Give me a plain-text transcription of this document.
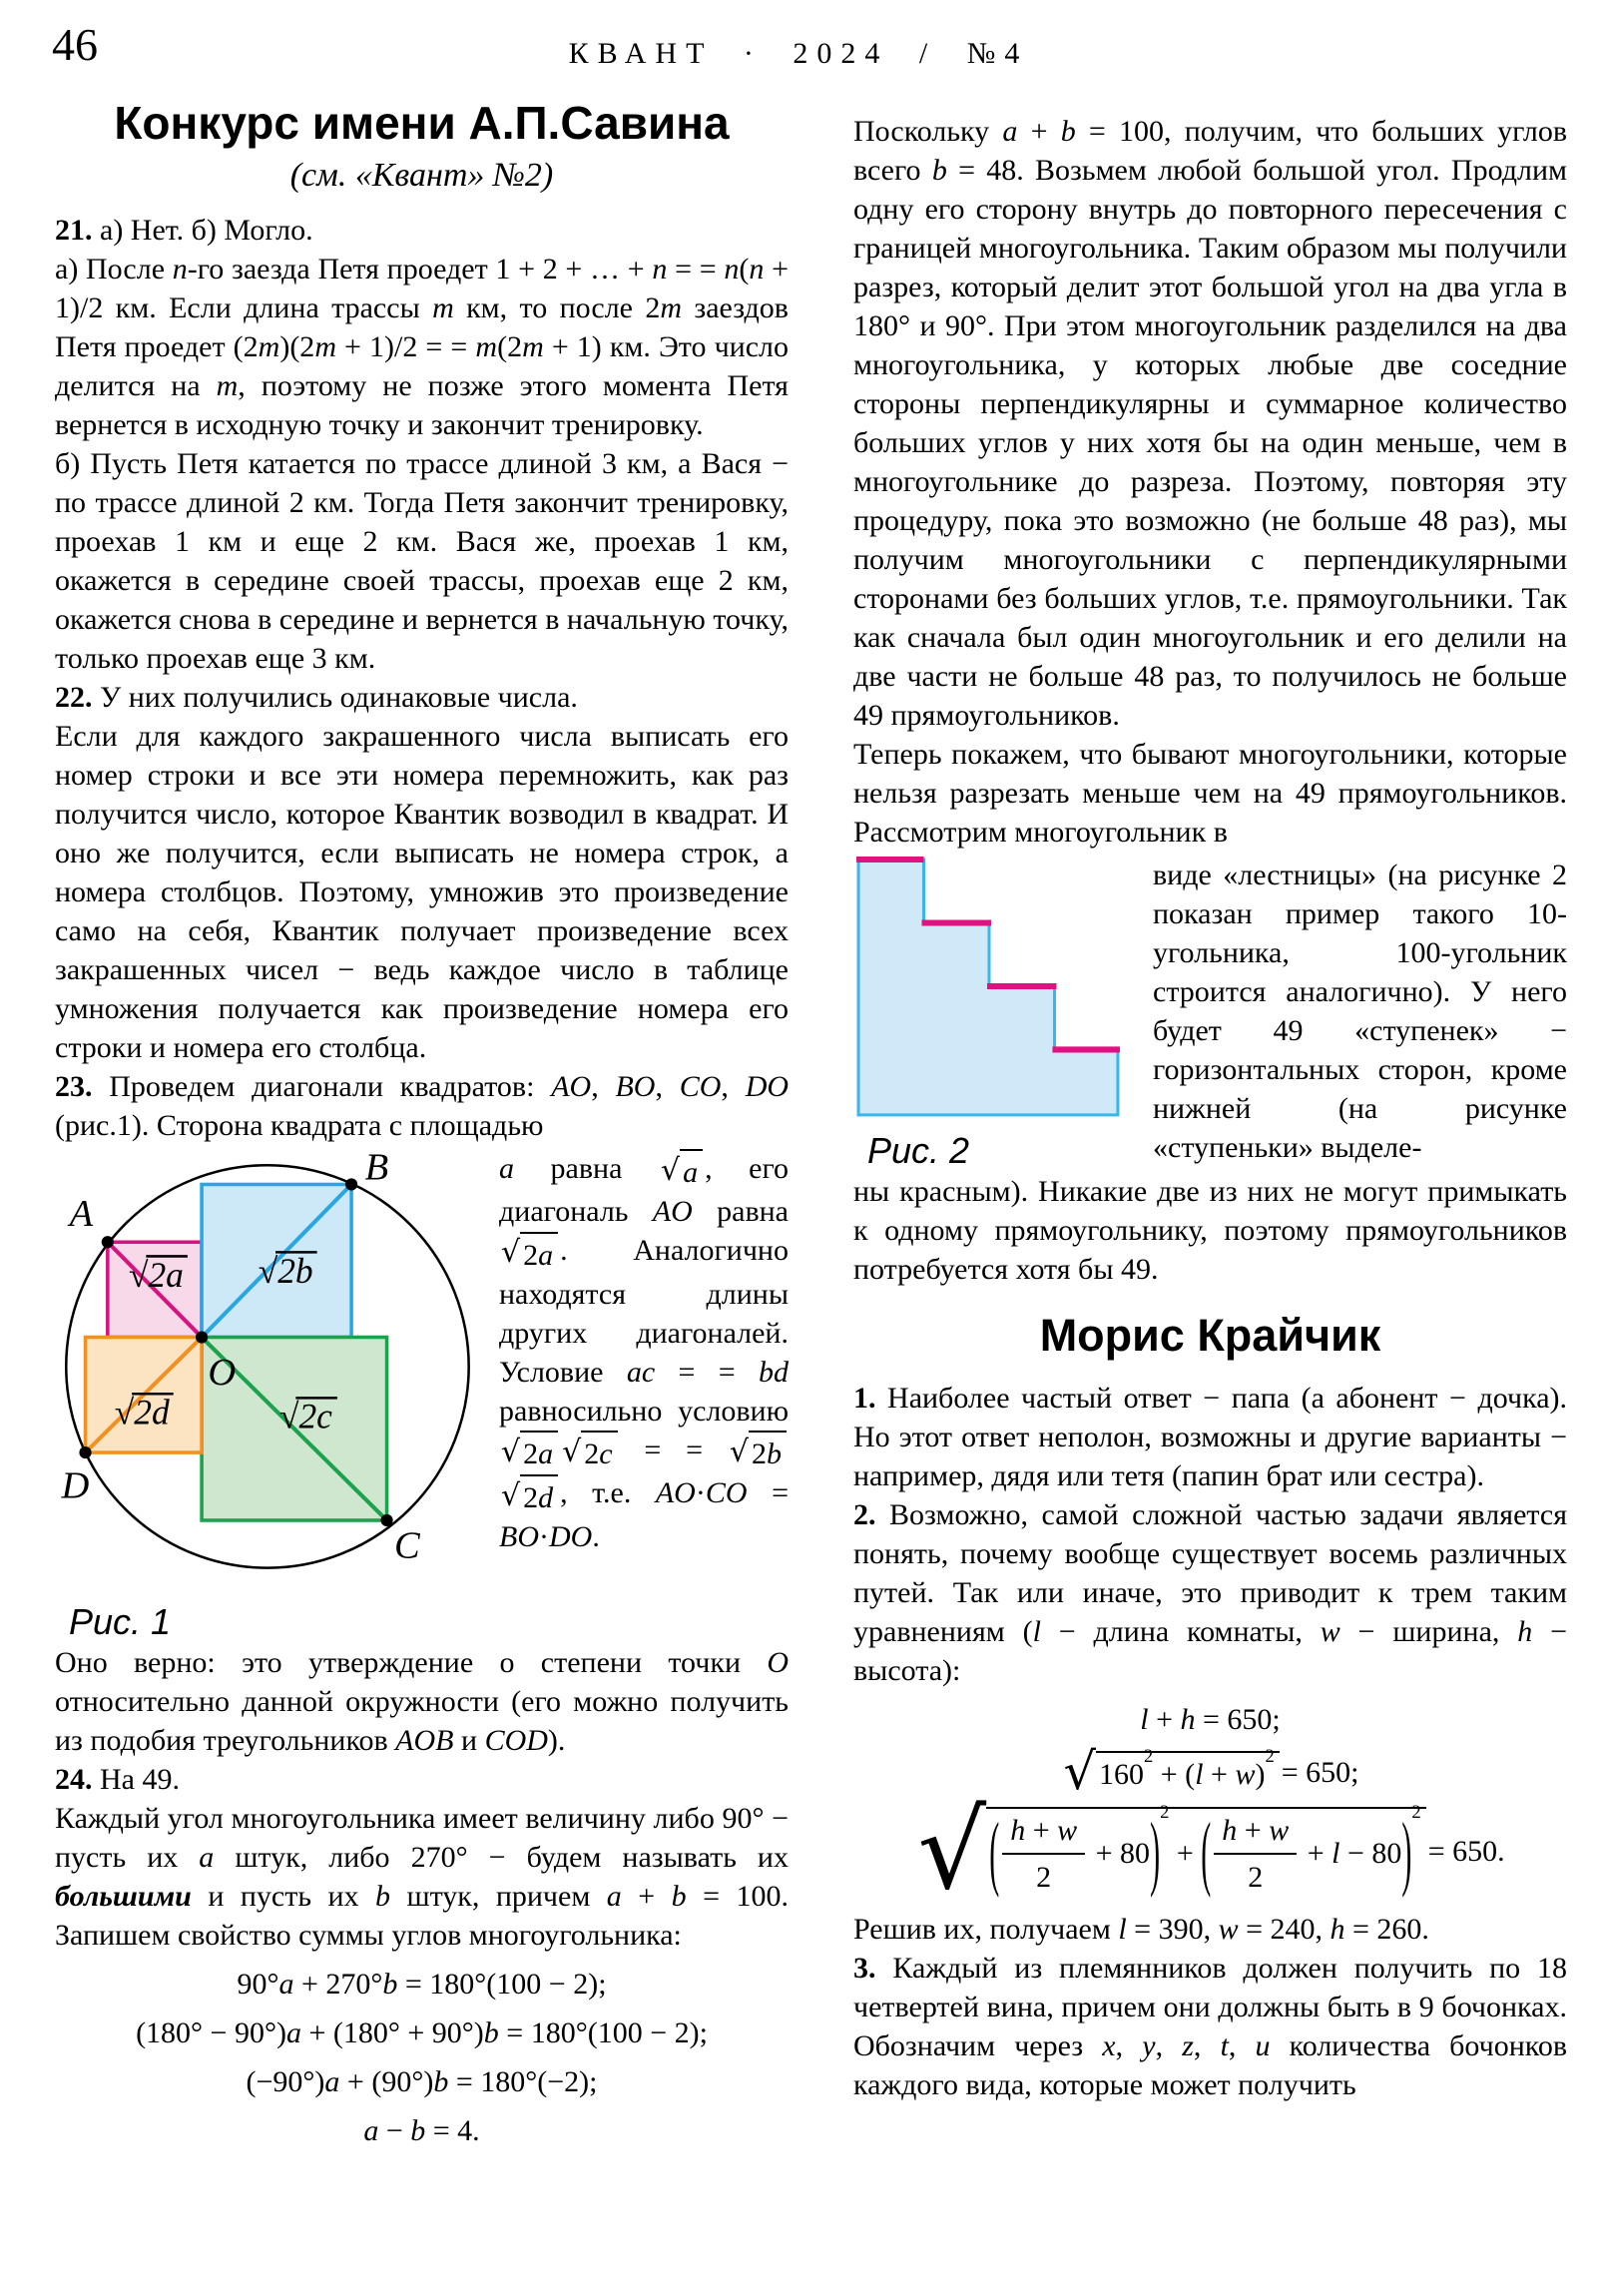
46	КВАНТ · 2024 / №4
Конкурс имени А.П.Савина
(см. «Квант» №2)

21. а) Нет. б) Могло.

а) После n-го заезда Петя проедет 1 + 2 + … + n = = n(n + 1)/2 км. Если длина трассы m км, то после 2m заездов Петя проедет (2m)(2m + 1)/2 = = m(2m + 1) км. Это число делится на m, поэтому не позже этого момента Петя вернется в исходную точку и закончит тренировку.

б) Пусть Петя катается по трассе длиной 3 км, а Вася − по трассе длиной 2 км. Тогда Петя закончит тренировку, проехав 1 км и еще 2 км. Вася же, проехав 1 км, окажется в середине своей трассы, проехав еще 2 км, окажется снова в середине и вернется в начальную точку, только проехав еще 3 км.

22. У них получились одинаковые числа.

Если для каждого закрашенного числа выписать его номер строки и все эти номера перемножить, как раз получится число, которое Квантик возводил в квадрат. И оно же получится, если выписать не номера строк, а номера столбцов. Поэтому, умножив это произведение само на себя, Квантик получает произведение всех закрашенных чисел − ведь каждое число в таблице умножения получается как произведение номера его строки и номера его столбца.

23. Проведем диагонали квадратов: AO, BO, CO, DO (рис.1). Сторона квадрата с площадью

A
B
C
D
O
√2a √2b
√2c
√2d
Рис. 1
a равна √ a , его диагональ AO равна
√ 2 a . Аналогично находятся длины других диагоналей. Условие ac = = bd равносильно условию
√ 2 a √ 2 c = = √ 2 b
√ 2 d , т.е. AO·CO = BO·DO.

Оно верно: это утверждение о степени точки O относительно данной окружности (его можно получить из подобия треугольников AOB и COD).

24. На 49.

Каждый угол многоугольника имеет величину либо 90° − пусть их a штук, либо 270° − будем называть их большими и пусть их b штук, причем a + b = 100. Запишем свойство суммы углов многоугольника:

90°a + 270°b = 180°(100 − 2);
(180° − 90°)a + (180° + 90°)b = 180°(100 − 2);
(−90°)a + (90°)b = 180°(−2);
a − b = 4.

Поскольку a + b = 100, получим, что больших углов всего b = 48. Возьмем любой большой угол. Продлим одну его сторону внутрь до повторного пересечения с границей многоугольника. Таким образом мы получили разрез, который делит этот большой угол на два угла в 180° и 90°. При этом многоугольник разделился на два многоугольника, у которых любые две соседние стороны перпендикулярны и суммарное количество больших углов у них хотя бы на один меньше, чем в многоугольнике до разреза. Поэтому, повторяя эту процедуру, пока это возможно (не больше 48 раз), мы получим многоугольники с перпендикулярными сторонами без больших углов, т.е. прямоугольники. Так как сначала был один многоугольник и его делили на две части не больше 48 раз, то получилось не больше 49 прямоугольников.

Теперь покажем, что бывают многоугольники, которые нельзя разрезать меньше чем на 49 прямоугольников. Рассмотрим многоугольник в

Рис. 2
виде «лестницы» (на рисунке 2 показан пример такого 10-угольника, 100-угольник строится аналогично). У него будет 49 «ступенек» − горизонтальных сторон, кроме нижней (на рисунке «ступеньки» выделе-

ны красным). Никакие две из них не могут примыкать к одному прямоугольнику, поэтому прямоугольников потребуется хотя бы 49.

Морис Крайчик

1. Наиболее частый ответ − папа (а абонент − дочка). Но этот ответ неполон, возможны и другие варианты − например, дядя или тетя (папин брат или сестра).

2. Возможно, самой сложной частью задачи является понять, почему вообще существует восемь различных путей. Так или иначе, это приводит к трем таким уравнениям (l − длина комнаты, w − ширина, h − высота):

l + h = 650;
√ 160
2
+ ( l + w )
2 = 650;
√ ( $\frac{h + w}{2} + 80$ ) 2
+ ( $\frac{h + w}{2} + l - 80$ ) 2
= 650.

Решив их, получаем l = 390, w = 240, h = 260.

3. Каждый из племянников должен получить по 18 четвертей вина, причем они должны быть в 9 бочонках. Обозначим через x, y, z, t, u количества бочонков каждого вида, которые может получить
